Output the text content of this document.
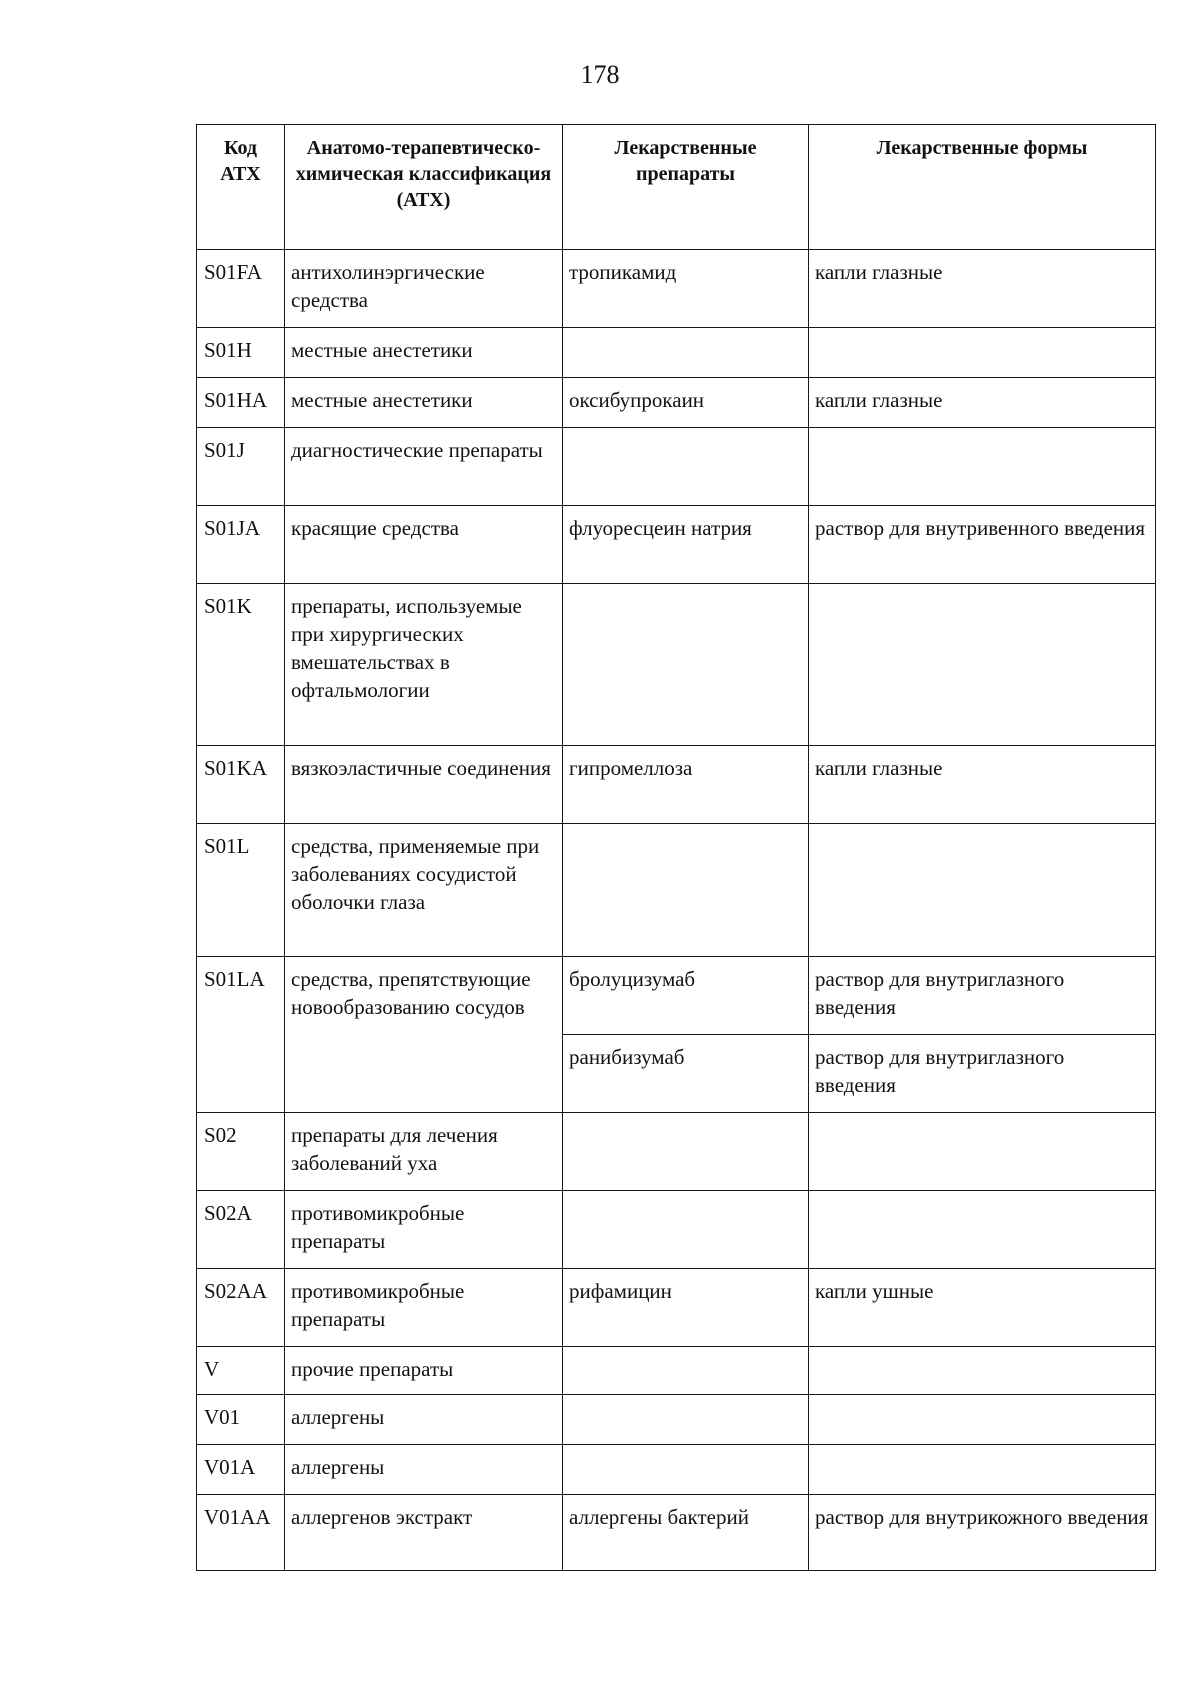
178
Код АТХ	Анатомо-терапевтическо-химическая классификация (АТХ)	Лекарственные препараты	Лекарственные формы
S01FA	антихолинэргические средства	тропикамид	капли глазные
S01H	местные анестетики		
S01HA	местные анестетики	оксибупрокаин	капли глазные
S01J	диагностические препараты		
S01JA	красящие средства	флуоресцеин натрия	раствор для внутривенного введения
S01K	препараты, используемые при хирургических вмешательствах в офтальмологии		
S01KA	вязкоэластичные соединения	гипромеллоза	капли глазные
S01L	средства, применяемые при заболеваниях сосудистой оболочки глаза		
S01LA	средства, препятствующие новообразованию сосудов	бролуцизумаб	раствор для внутриглазного введения
		ранибизумаб	раствор для внутриглазного введения
S02	препараты для лечения заболеваний уха		
S02A	противомикробные препараты		
S02AA	противомикробные препараты	рифамицин	капли ушные
V	прочие препараты		
V01	аллергены		
V01A	аллергены		
V01AA	аллергенов экстракт	аллергены бактерий	раствор для внутрикожного введения
